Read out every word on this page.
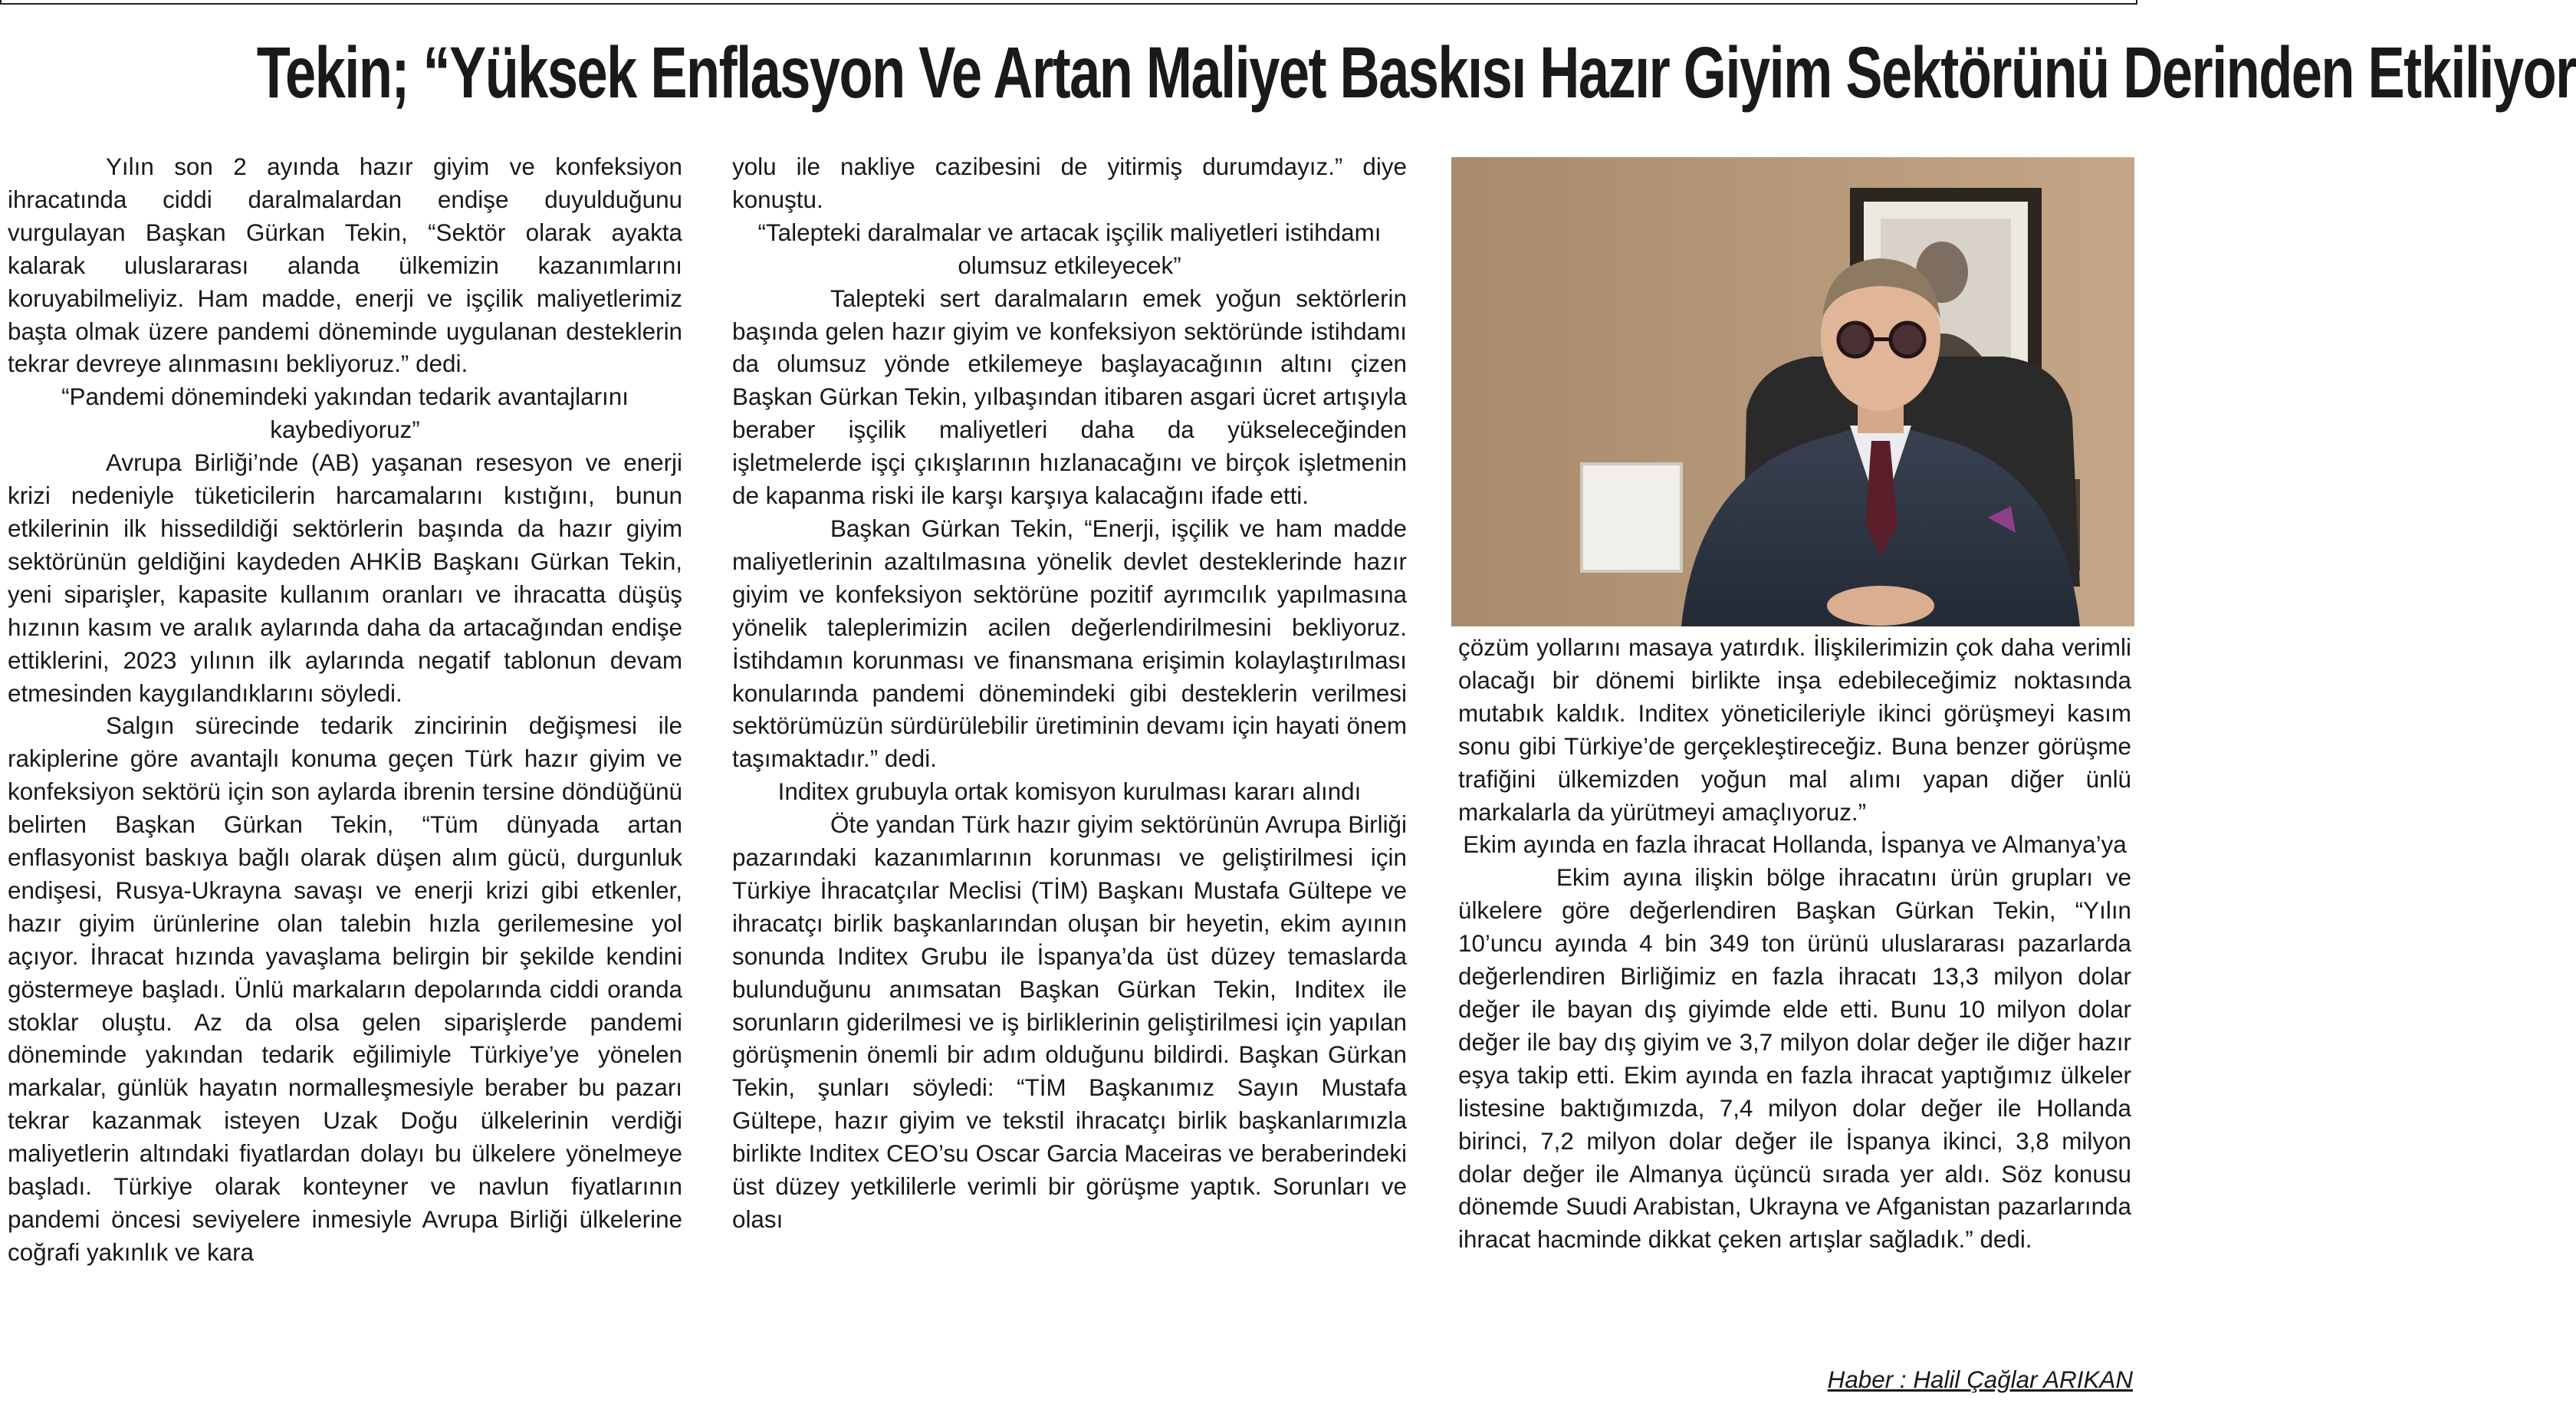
Tekin; “Yüksek Enflasyon Ve Artan Maliyet Baskısı Hazır Giyim Sektörünü Derinden Etkiliyor

Yılın son 2 ayında hazır giyim ve konfeksiyon ihracatında ciddi daralmalardan endişe duyulduğunu vurgulayan Başkan Gürkan Tekin, “Sektör olarak ayakta kalarak uluslararası alanda ülkemizin kazanımlarını koruyabilmeliyiz. Ham madde, enerji ve işçilik maliyetlerimiz başta olmak üzere pandemi döneminde uygulanan desteklerin tekrar devreye alınmasını bekliyoruz.” dedi.

“Pandemi dönemindeki yakından tedarik avantajlarını kaybediyoruz”

Avrupa Birliği’nde (AB) yaşanan resesyon ve enerji krizi nedeniyle tüketicilerin harcamalarını kıstığını, bunun etkilerinin ilk hissedildiği sektörlerin başında da hazır giyim sektörünün geldiğini kaydeden AHKİB Başkanı Gürkan Tekin, yeni siparişler, kapasite kullanım oranları ve ihracatta düşüş hızının kasım ve aralık aylarında daha da artacağından endişe ettiklerini, 2023 yılının ilk aylarında negatif tablonun devam etmesinden kaygılandıklarını söyledi.

Salgın sürecinde tedarik zincirinin değişmesi ile rakiplerine göre avantajlı konuma geçen Türk hazır giyim ve konfeksiyon sektörü için son aylarda ibrenin tersine döndüğünü belirten Başkan Gürkan Tekin, “Tüm dünyada artan enflasyonist baskıya bağlı olarak düşen alım gücü, durgunluk endişesi, Rusya-Ukrayna savaşı ve enerji krizi gibi etkenler, hazır giyim ürünlerine olan talebin hızla gerilemesine yol açıyor. İhracat hızında yavaşlama belirgin bir şekilde kendini göstermeye başladı. Ünlü markaların depolarında ciddi oranda stoklar oluştu. Az da olsa gelen siparişlerde pandemi döneminde yakından tedarik eğilimiyle Türkiye’ye yönelen markalar, günlük hayatın normalleşmesiyle beraber bu pazarı tekrar kazanmak isteyen Uzak Doğu ülkelerinin verdiği maliyetlerin altındaki fiyatlardan dolayı bu ülkelere yönelmeye başladı. Türkiye olarak konteyner ve navlun fiyatlarının pandemi öncesi seviyelere inmesiyle Avrupa Birliği ülkelerine coğrafi yakınlık ve kara

yolu ile nakliye cazibesini de yitirmiş durumdayız.” diye konuştu.

“Talepteki daralmalar ve artacak işçilik maliyetleri istihdamı olumsuz etkileyecek”

Talepteki sert daralmaların emek yoğun sektörlerin başında gelen hazır giyim ve konfeksiyon sektöründe istihdamı da olumsuz yönde etkilemeye başlayacağının altını çizen Başkan Gürkan Tekin, yılbaşından itibaren asgari ücret artışıyla beraber işçilik maliyetleri daha da yükseleceğinden işletmelerde işçi çıkışlarının hızlanacağını ve birçok işletmenin de kapanma riski ile karşı karşıya kalacağını ifade etti.

Başkan Gürkan Tekin, “Enerji, işçilik ve ham madde maliyetlerinin azaltılmasına yönelik devlet desteklerinde hazır giyim ve konfeksiyon sektörüne pozitif ayrımcılık yapılmasına yönelik taleplerimizin acilen değerlendirilmesini bekliyoruz. İstihdamın korunması ve finansmana erişimin kolaylaştırılması konularında pandemi dönemindeki gibi desteklerin verilmesi sektörümüzün sürdürülebilir üretiminin devamı için hayati önem taşımaktadır.” dedi.

Inditex grubuyla ortak komisyon kurulması kararı alındı

Öte yandan Türk hazır giyim sektörünün Avrupa Birliği pazarındaki kazanımlarının korunması ve geliştirilmesi için Türkiye İhracatçılar Meclisi (TİM) Başkanı Mustafa Gültepe ve ihracatçı birlik başkanlarından oluşan bir heyetin, ekim ayının sonunda Inditex Grubu ile İspanya’da üst düzey temaslarda bulunduğunu anımsatan Başkan Gürkan Tekin, Inditex ile sorunların giderilmesi ve iş birliklerinin geliştirilmesi için yapılan görüşmenin önemli bir adım olduğunu bildirdi. Başkan Gürkan Tekin, şunları söyledi: “TİM Başkanımız Sayın Mustafa Gültepe, hazır giyim ve tekstil ihracatçı birlik başkanlarımızla birlikte Inditex CEO’su Oscar Garcia Maceiras ve beraberindeki üst düzey yetkililerle verimli bir görüşme yaptık. Sorunları ve olası

çözüm yollarını masaya yatırdık. İlişkilerimizin çok daha verimli olacağı bir dönemi birlikte inşa edebileceğimiz noktasında mutabık kaldık. Inditex yöneticileriyle ikinci görüşmeyi kasım sonu gibi Türkiye’de gerçekleştireceğiz. Buna benzer görüşme trafiğini ülkemizden yoğun mal alımı yapan diğer ünlü markalarla da yürütmeyi amaçlıyoruz.”

Ekim ayında en fazla ihracat Hollanda, İspanya ve Almanya’ya

Ekim ayına ilişkin bölge ihracatını ürün grupları ve ülkelere göre değerlendiren Başkan Gürkan Tekin, “Yılın 10’uncu ayında 4 bin 349 ton ürünü uluslararası pazarlarda değerlendiren Birliğimiz en fazla ihracatı 13,3 milyon dolar değer ile bayan dış giyimde elde etti. Bunu 10 milyon dolar değer ile bay dış giyim ve 3,7 milyon dolar değer ile diğer hazır eşya takip etti. Ekim ayında en fazla ihracat yaptığımız ülkeler listesine baktığımızda, 7,4 milyon dolar değer ile Hollanda birinci, 7,2 milyon dolar değer ile İspanya ikinci, 3,8 milyon dolar değer ile Almanya üçüncü sırada yer aldı. Söz konusu dönemde Suudi Arabistan, Ukrayna ve Afganistan pazarlarında ihracat hacminde dikkat çeken artışlar sağladık.” dedi.

Haber : Halil Çağlar ARIKAN
